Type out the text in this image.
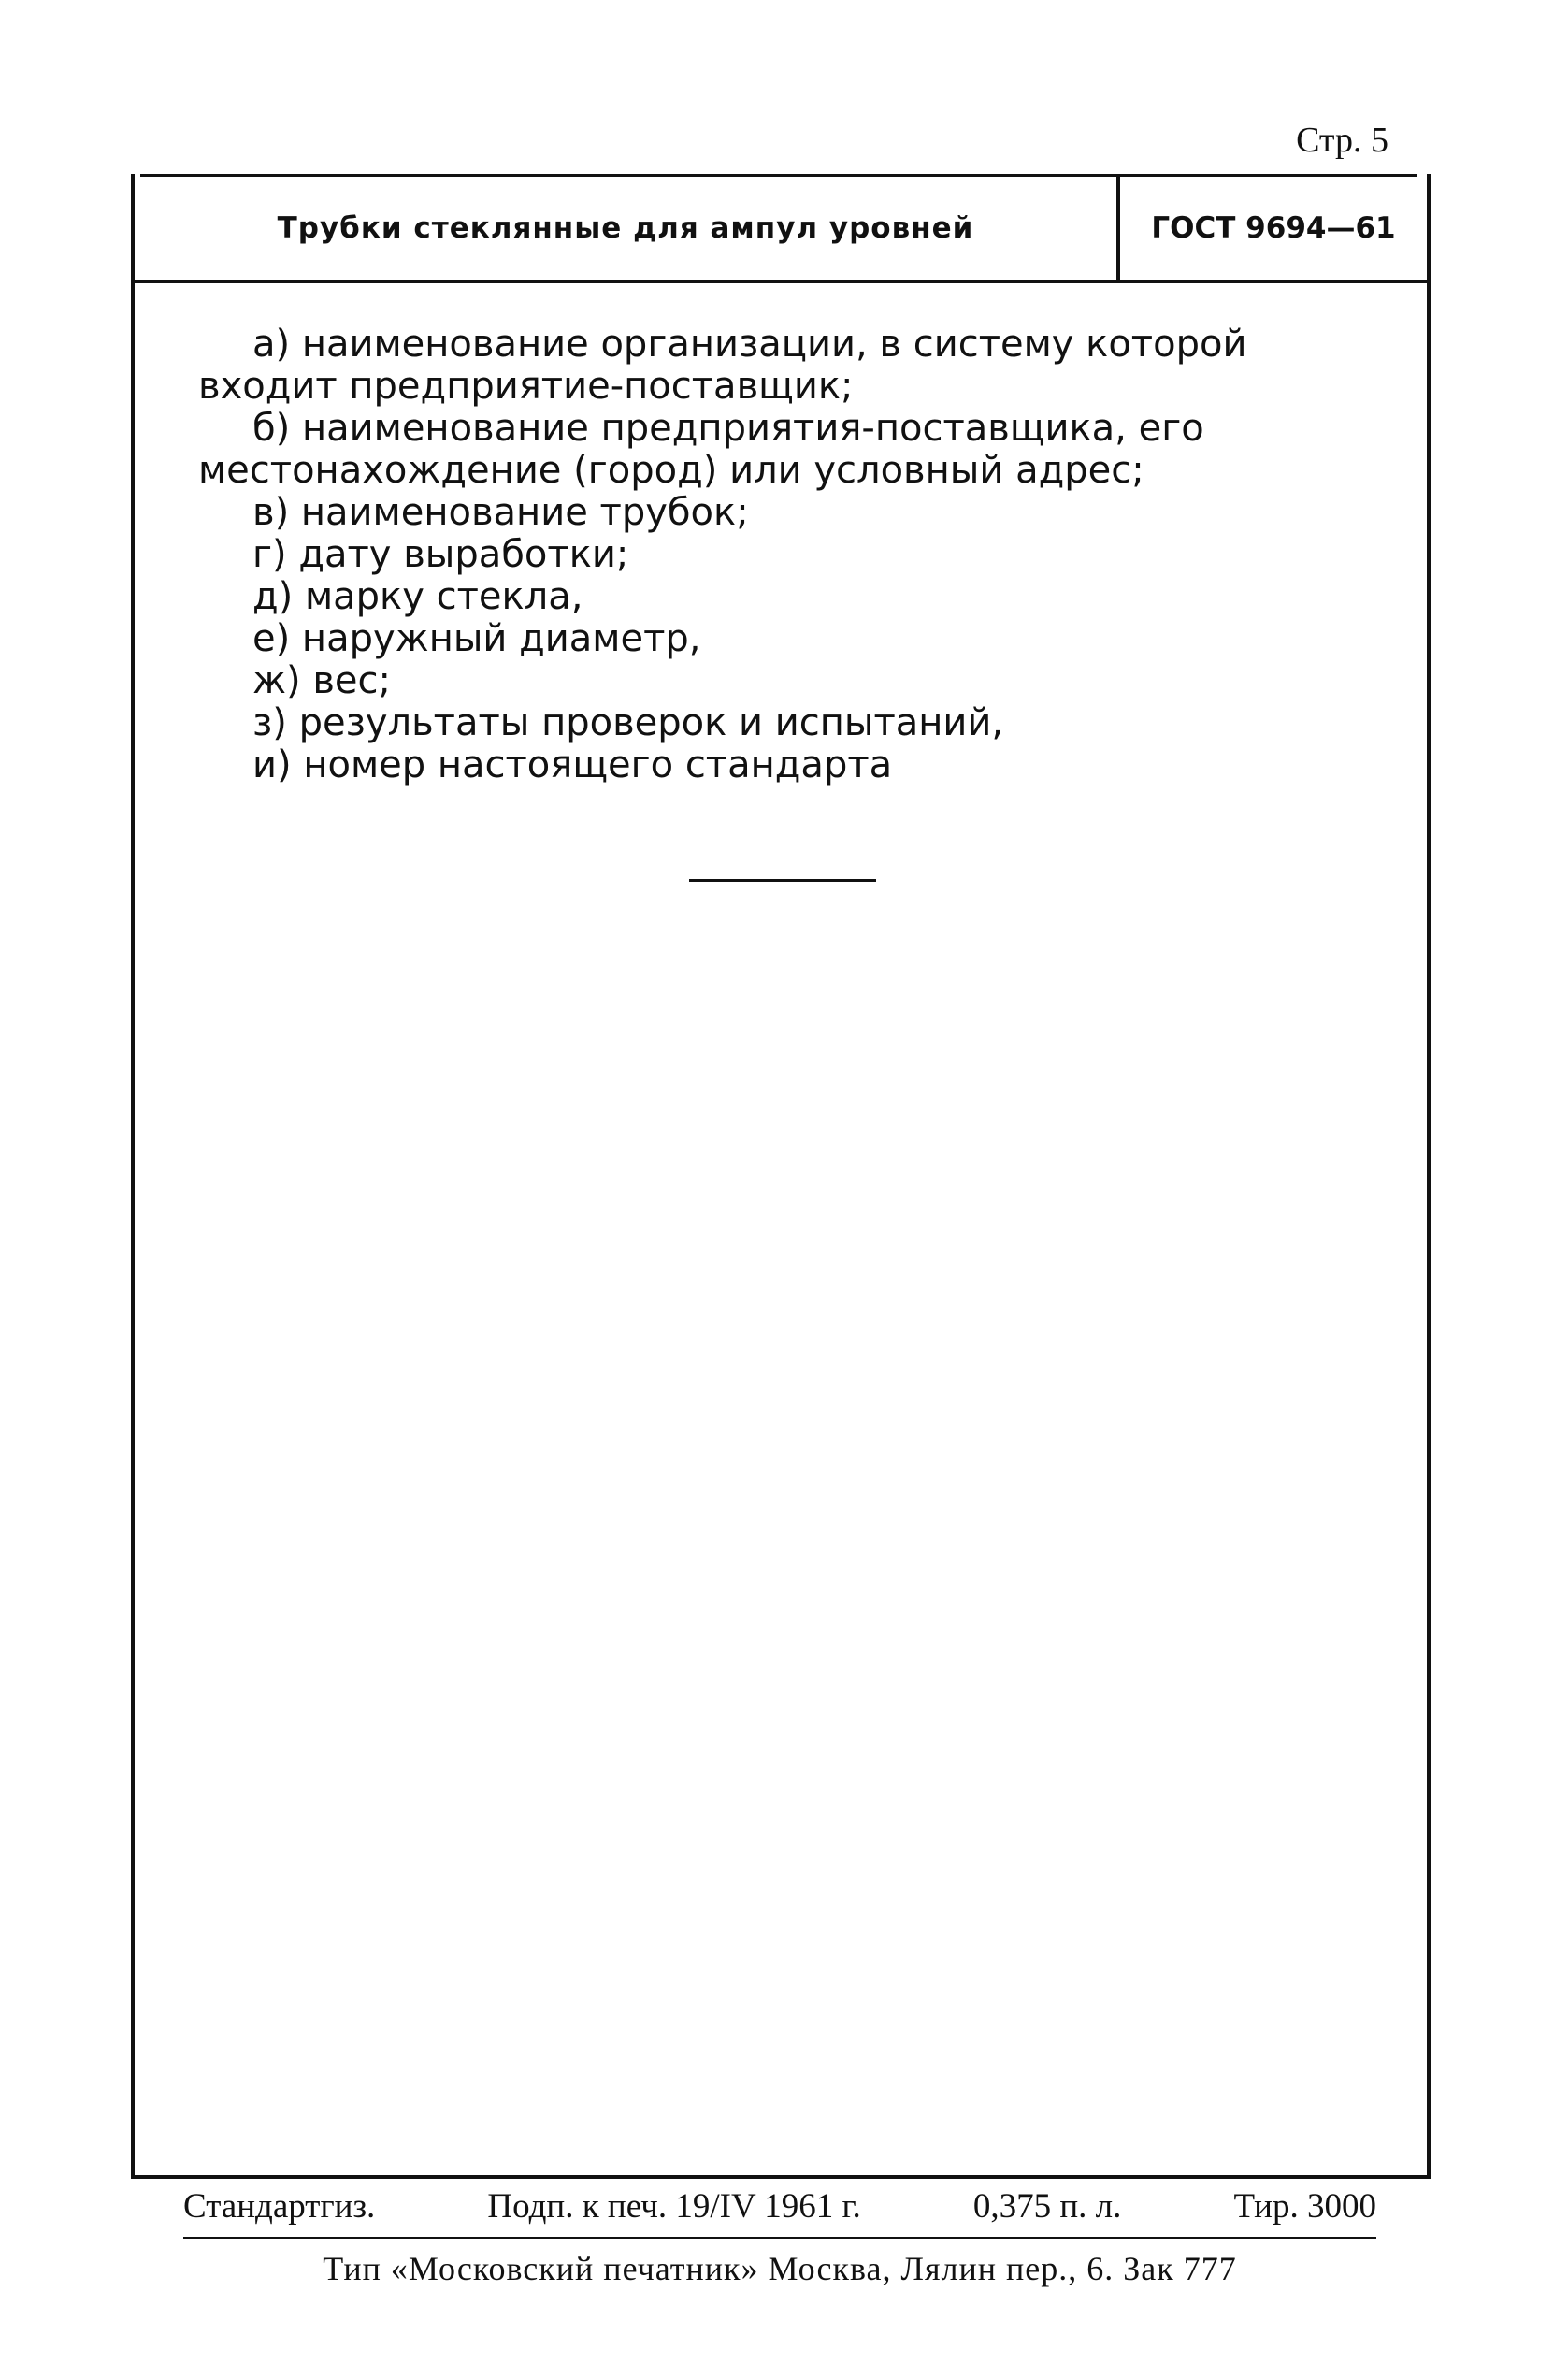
Стр. 5
Трубки стеклянные для ампул уровней	ГОСТ 9694—61
а) наименование организации, в систему которой входит предприятие-поставщик;
б) наименование предприятия-поставщика, его местонахождение (город) или условный адрес;
в) наименование трубок;
г) дату выработки;
д) марку стекла,
е) наружный диаметр,
ж) вес;
з) результаты проверок и испытаний,
и) номер настоящего стандарта
Стандартгиз.	Подп. к печ. 19/IV 1961 г.	0,375 п. л.	Тир. 3000
Тип «Московский печатник» Москва, Лялин пер., 6. Зак 777
